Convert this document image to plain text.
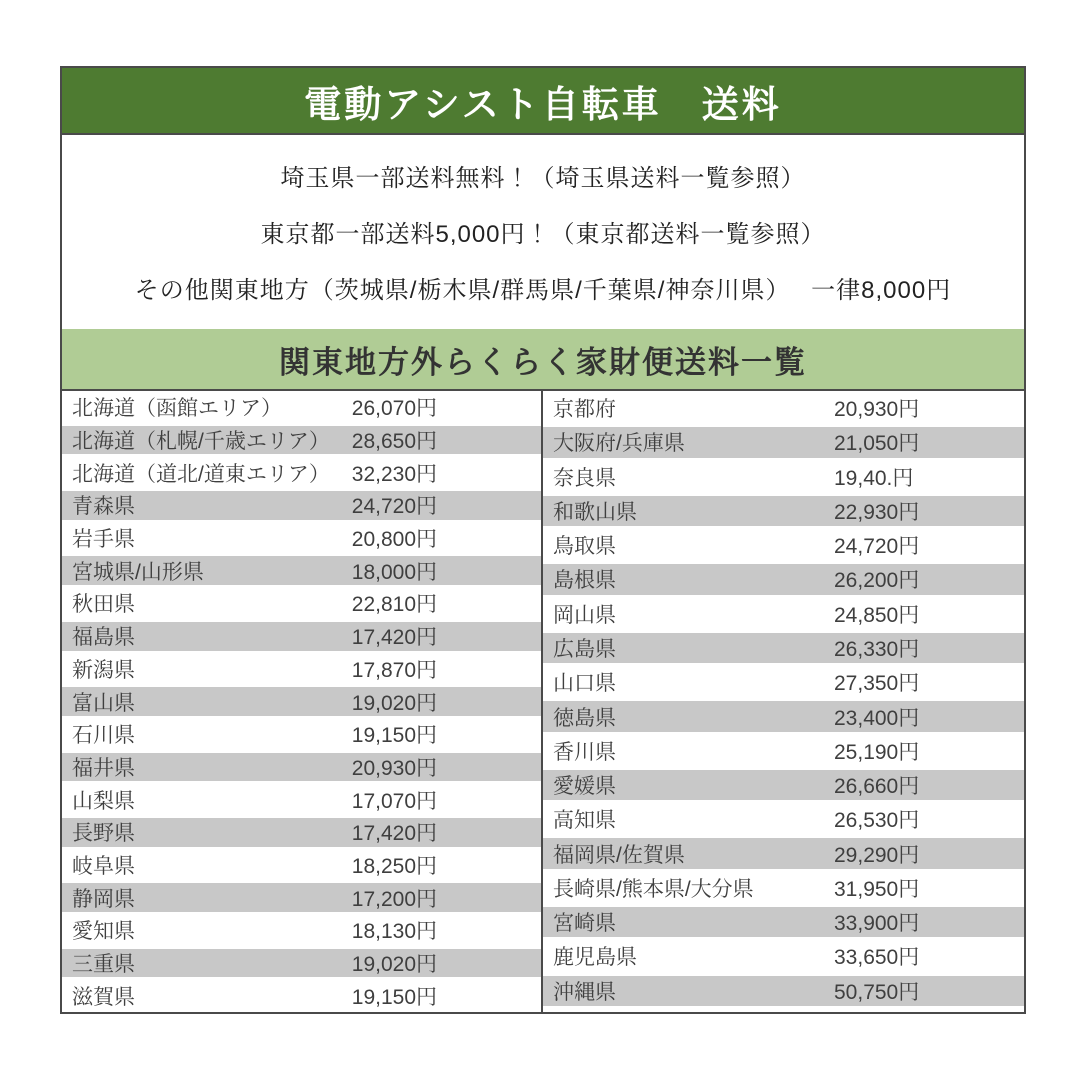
電動アシスト自転車　送料
埼玉県一部送料無料！（埼玉県送料一覧参照）
東京都一部送料5,000円！（東京都送料一覧参照）
その他関東地方（茨城県/栃木県/群馬県/千葉県/神奈川県）　 一律8,000円
関東地方外らくらく家財便送料一覧
北海道（函館エリア）	26,070円
北海道（札幌/千歳エリア）	28,650円
北海道（道北/道東エリア）	32,230円
青森県	24,720円
岩手県	20,800円
宮城県/山形県	18,000円
秋田県	22,810円
福島県	17,420円
新潟県	17,870円
富山県	19,020円
石川県	19,150円
福井県	20,930円
山梨県	17,070円
長野県	17,420円
岐阜県	18,250円
静岡県	17,200円
愛知県	18,130円
三重県	19,020円
滋賀県	19,150円
京都府	20,930円
大阪府/兵庫県	21,050円
奈良県	19,40.円
和歌山県	22,930円
鳥取県	24,720円
島根県	26,200円
岡山県	24,850円
広島県	26,330円
山口県	27,350円
徳島県	23,400円
香川県	25,190円
愛媛県	26,660円
高知県	26,530円
福岡県/佐賀県	29,290円
長崎県/熊本県/大分県	31,950円
宮崎県	33,900円
鹿児島県	33,650円
沖縄県	50,750円
